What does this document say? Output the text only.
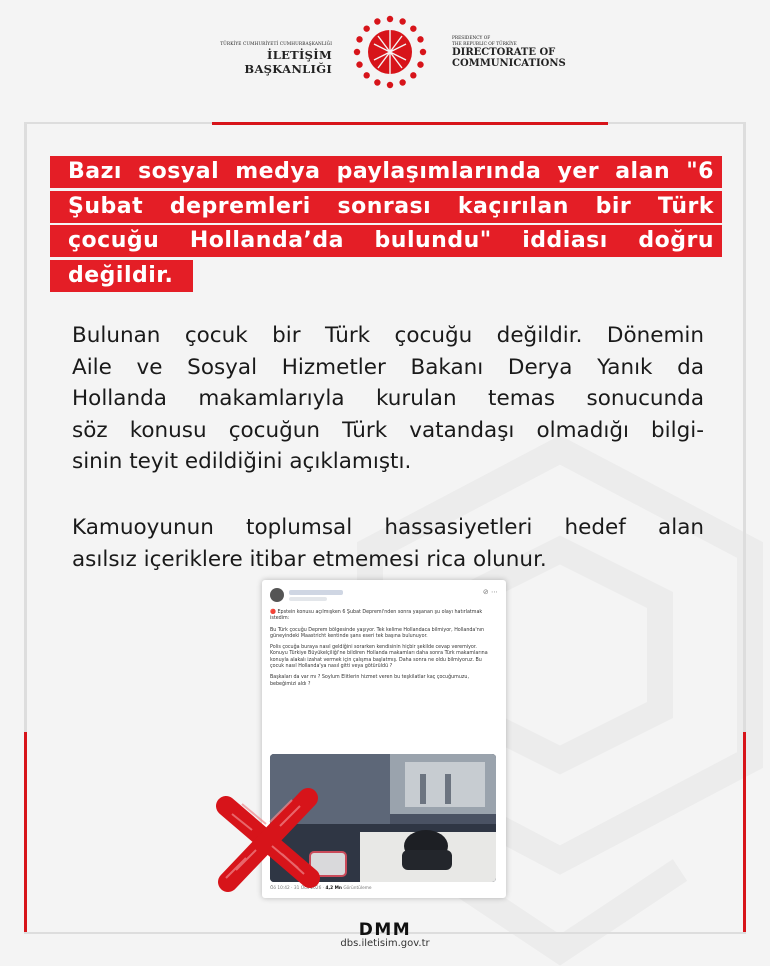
TÜRKİYE CUMHURİYETİ CUMHURBAŞKANLIĞI
İLETİŞİM BAŞKANLIĞI
PRESIDENCY OF
THE REPUBLIC OF TÜRKİYE
DIRECTORATE OF
COMMUNICATIONS
Bazı sosyal medya paylaşımlarında yer alan "6
Şubat depremleri sonrası kaçırılan bir Türk
çocuğu Hollanda’da bulundu" iddiası doğru
değildir.
Bulunan çocuk bir Türk çocuğu değildir. Dönemin
Aile ve Sosyal Hizmetler Bakanı Derya Yanık da
Hollanda makamlarıyla kurulan temas sonucunda
söz konusu çocuğun Türk vatandaşı olmadığı bilgi-
sinin teyit edildiğini açıklamıştı.
Kamuoyunun toplumsal hassasiyetleri hedef alan
asılsız içeriklere itibar etmemesi rica olunur.
⊘ ⋯

🔴 Epstein konusu açılmışken 6 Şubat Depremi'nden sonra yaşanan şu olayı hatırlatmak istedim:

Bu Türk çocuğu Deprem bölgesinde yaşıyor. Tek kelime Hollandaca bilmiyor, Hollanda'nın güneyindeki Maastricht kentinde şans eseri tek başına bulunuyor.

Polis çocuğa buraya nasıl geldiğini sorarken kendisinin hiçbir şekilde cevap veremiyor. Konuyu Türkiye Büyükelçiliği'ne bildiren Hollanda makamları daha sonra Türk makamlarına konuyla alakalı izahat vermek için çalışma başlatmış. Daha sonra ne oldu bilmiyoruz. Bu çocuk nasıl Hollanda'ya nasıl gitti veya götürüldü ?

Başkaları da var mı ? Soylum Elitlerin hizmet veren bu teşkilatlar kaç çocuğumuzu, bebeğimizi aldı ?

Öö 10:42 · 31 Oca 2026 · 4,2 Mn Görüntüleme
DMM
dbs.iletisim.gov.tr
